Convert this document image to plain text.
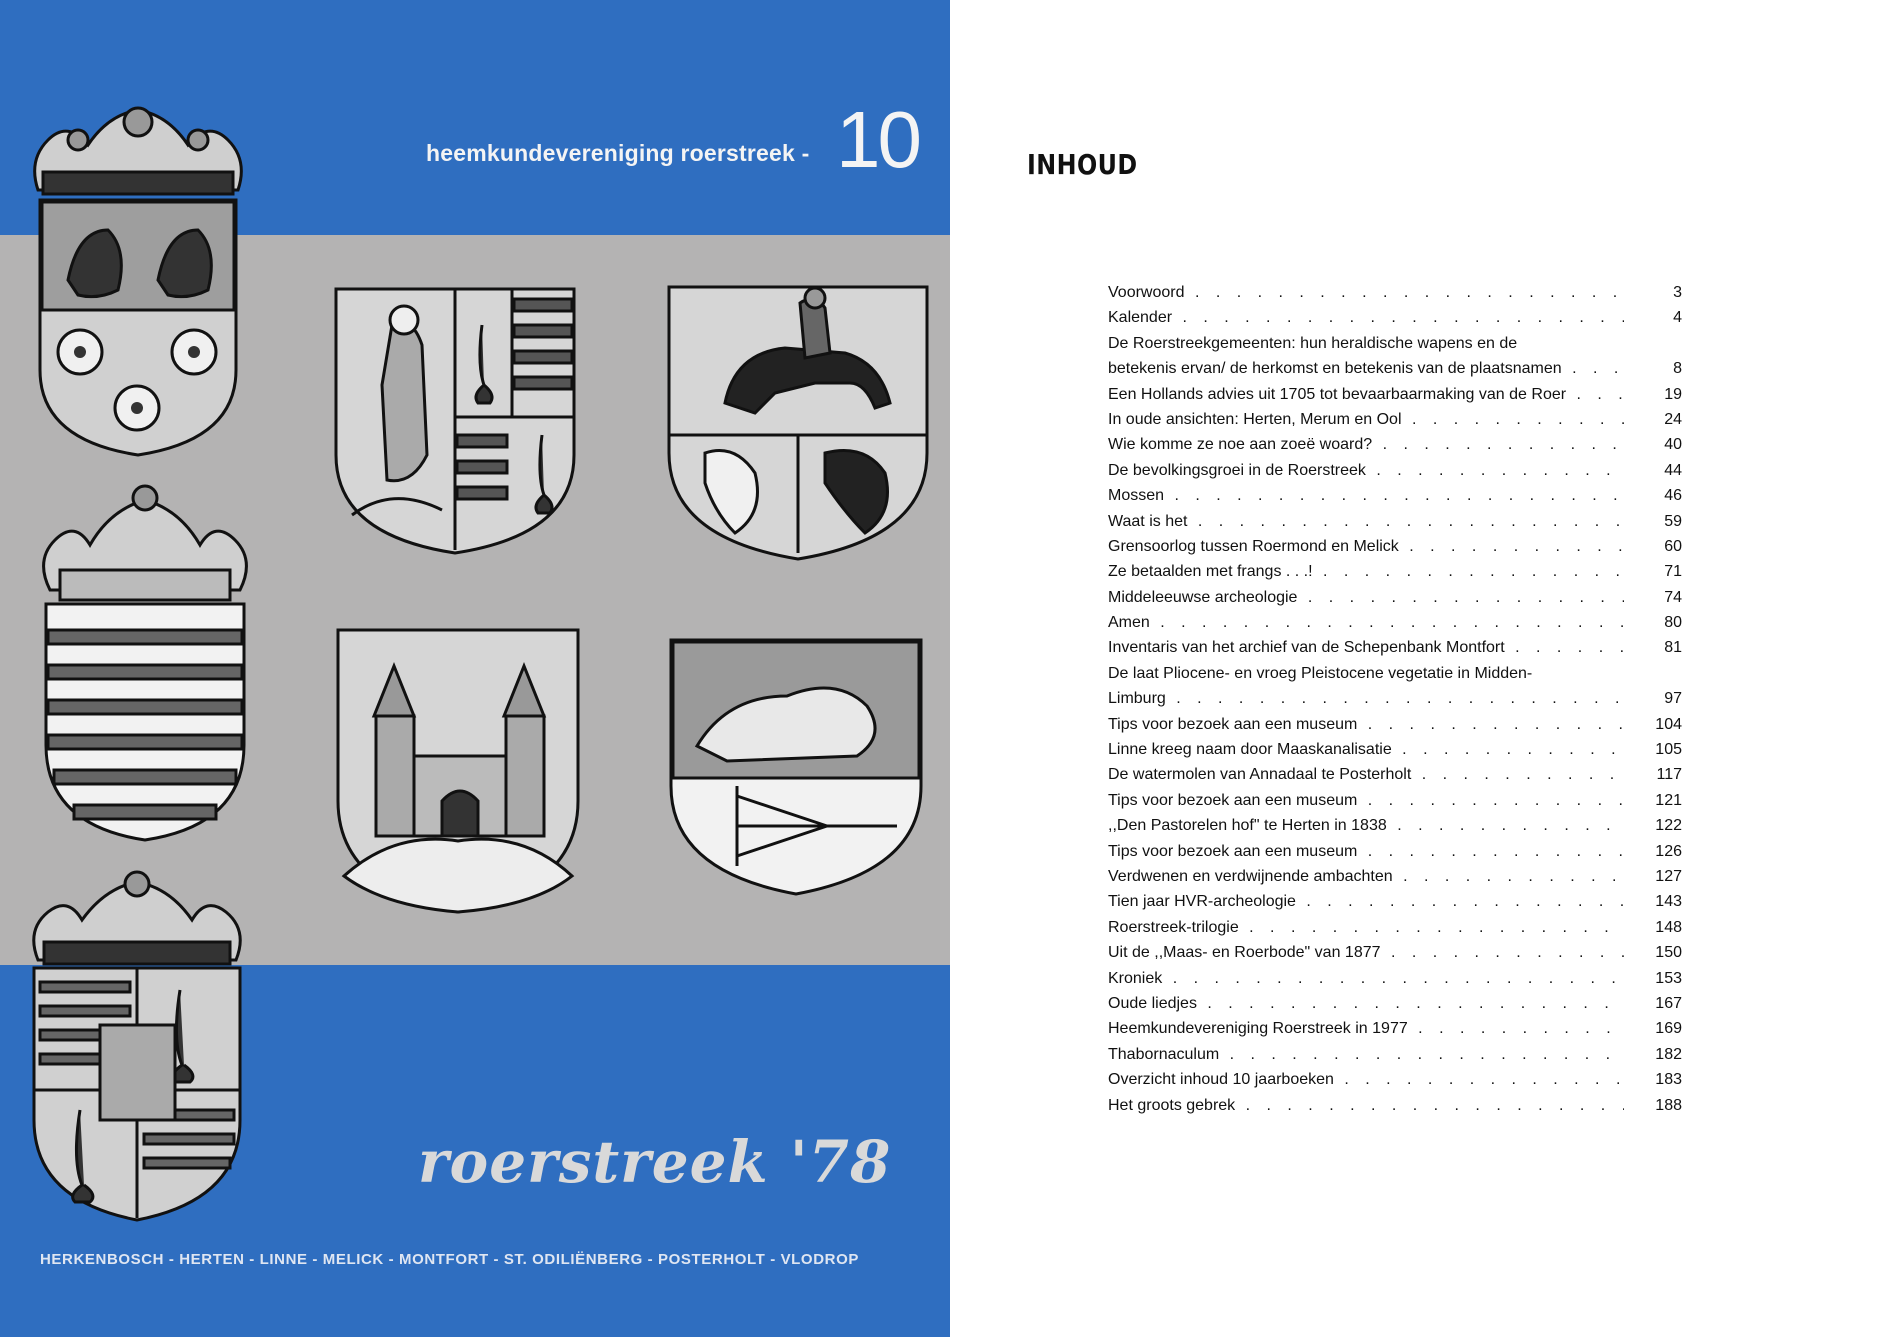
heemkundevereniging roerstreek - 10
roerstreek '78
HERKENBOSCH - HERTEN - LINNE - MELICK - MONTFORT - ST. ODILIËNBERG - POSTERHOLT - VLODROP
INHOUD
Voorwoord . . .	3
Kalender . . .	4
De Roerstreekgemeenten: hun heraldische wapens en de
betekenis ervan/ de herkomst en betekenis van de plaatsnamen . . .	8
Een Hollands advies uit 1705 tot bevaarbaarmaking van de Roer . . .	19
In oude ansichten: Herten, Merum en Ool . . .	24
Wie komme ze noe aan zoeë woard? . . .	40
De bevolkingsgroei in de Roerstreek . . .	44
Mossen . . .	46
Waat is het . . .	59
Grensoorlog tussen Roermond en Melick . . .	60
Ze betaalden met frangs . . .! . . .	71
Middeleeuwse archeologie . . .	74
Amen . . .	80
Inventaris van het archief van de Schepenbank Montfort . . .	81
De laat Pliocene- en vroeg Pleistocene vegetatie in Midden-
Limburg . . .	97
Tips voor bezoek aan een museum . . .	104
Linne kreeg naam door Maaskanalisatie . . .	105
De watermolen van Annadaal te Posterholt . . .	117
Tips voor bezoek aan een museum . . .	121
,,Den Pastorelen hof" te Herten in 1838 . . .	122
Tips voor bezoek aan een museum . . .	126
Verdwenen en verdwijnende ambachten . . .	127
Tien jaar HVR-archeologie . . .	143
Roerstreek-trilogie . . .	148
Uit de ,,Maas- en Roerbode" van 1877 . . .	150
Kroniek . . .	153
Oude liedjes . . .	167
Heemkundevereniging Roerstreek in 1977 . . .	169
Thabornaculum . . .	182
Overzicht inhoud 10 jaarboeken . . .	183
Het groots gebrek . . .	188
